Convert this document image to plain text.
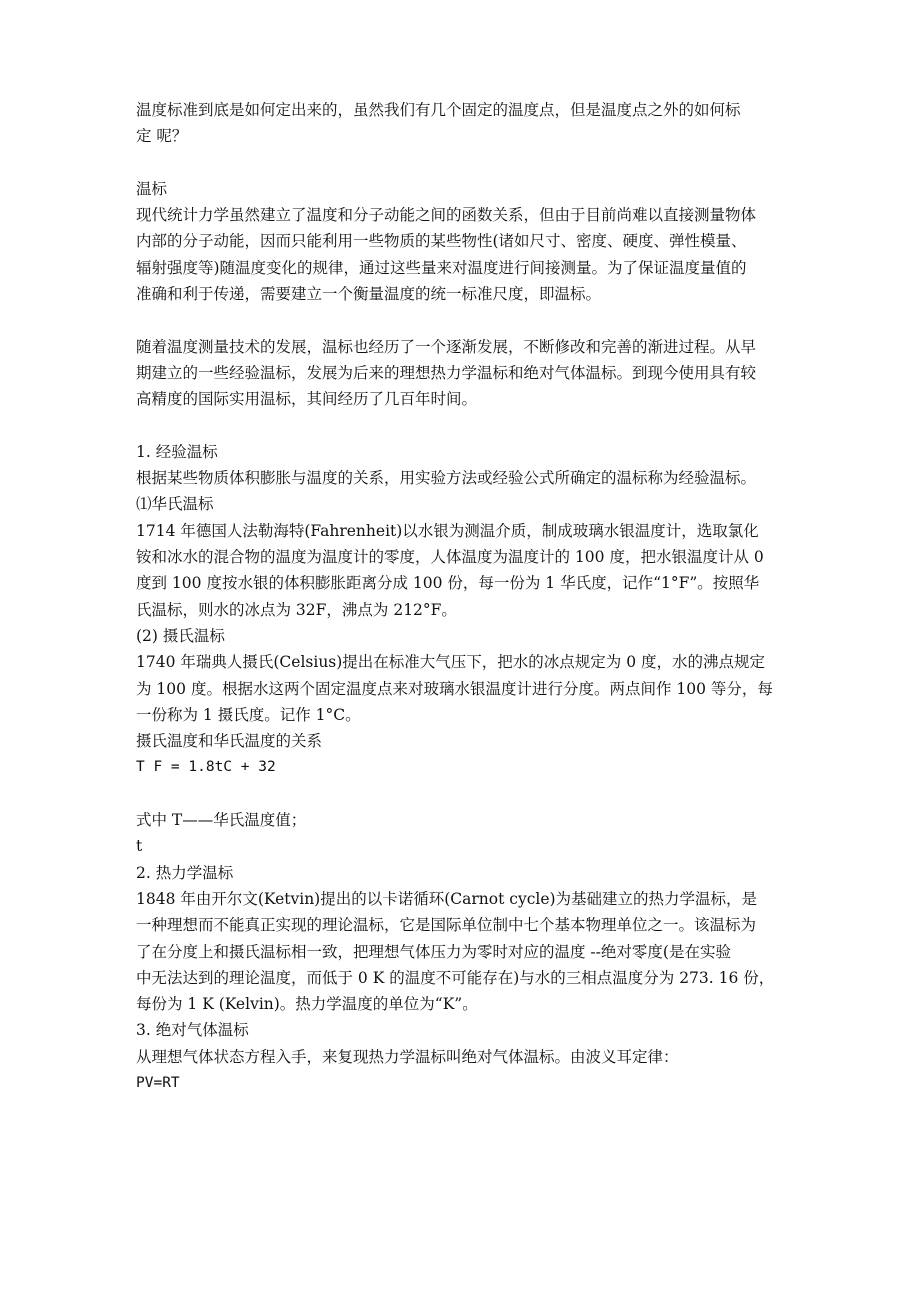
温度标准到底是如何定出来的，虽然我们有几个固定的温度点，但是温度点之外的如何标
定 呢？
温标
现代统计力学虽然建立了温度和分子动能之间的函数关系，但由于目前尚难以直接测量物体
内部的分子动能，因而只能利用一些物质的某些物性(诸如尺寸、密度、硬度、弹性模量、
辐射强度等)随温度变化的规律，通过这些量来对温度进行间接测量。为了保证温度量值的
准确和利于传递，需要建立一个衡量温度的统一标准尺度，即温标。
随着温度测量技术的发展，温标也经历了一个逐渐发展，不断修改和完善的渐进过程。从早
期建立的一些经验温标，发展为后来的理想热力学温标和绝对气体温标。到现今使用具有较
高精度的国际实用温标，其间经历了几百年时间。
1. 经验温标
根据某些物质体积膨胀与温度的关系，用实验方法或经验公式所确定的温标称为经验温标。
⑴华氏温标
1714 年德国人法勒海特(Fahrenheit)以水银为测温介质，制成玻璃水银温度计，选取氯化
铵和冰水的混合物的温度为温度计的零度，人体温度为温度计的 100 度，把水银温度计从 0
度到 100 度按水银的体积膨胀距离分成 100 份，每一份为 1 华氏度，记作“1°F”。按照华
氏温标，则水的冰点为 32F，沸点为 212°F。
(2) 摄氏温标
1740 年瑞典人摄氏(Celsius)提出在标准大气压下，把水的冰点规定为 0 度，水的沸点规定
为 100 度。根据水这两个固定温度点来对玻璃水银温度计进行分度。两点间作 100 等分，每
一份称为 1 摄氏度。记作 1°C。
摄氏温度和华氏温度的关系
T F = 1.8tC + 32
式中 T——华氏温度值；
t
2. 热力学温标
1848 年由开尔文(Ketvin)提出的以卡诺循环(Carnot cycle)为基础建立的热力学温标，是
一种理想而不能真正实现的理论温标，它是国际单位制中七个基本物理单位之一。该温标为
了在分度上和摄氏温标相一致，把理想气体压力为零时对应的温度 --绝对零度(是在实验
中无法达到的理论温度，而低于 0 K 的温度不可能存在)与水的三相点温度分为 273. 16 份，
每份为 1 K (Kelvin)。热力学温度的单位为“K”。
3. 绝对气体温标
从理想气体状态方程入手，来复现热力学温标叫绝对气体温标。由波义耳定律：
PV=RT
